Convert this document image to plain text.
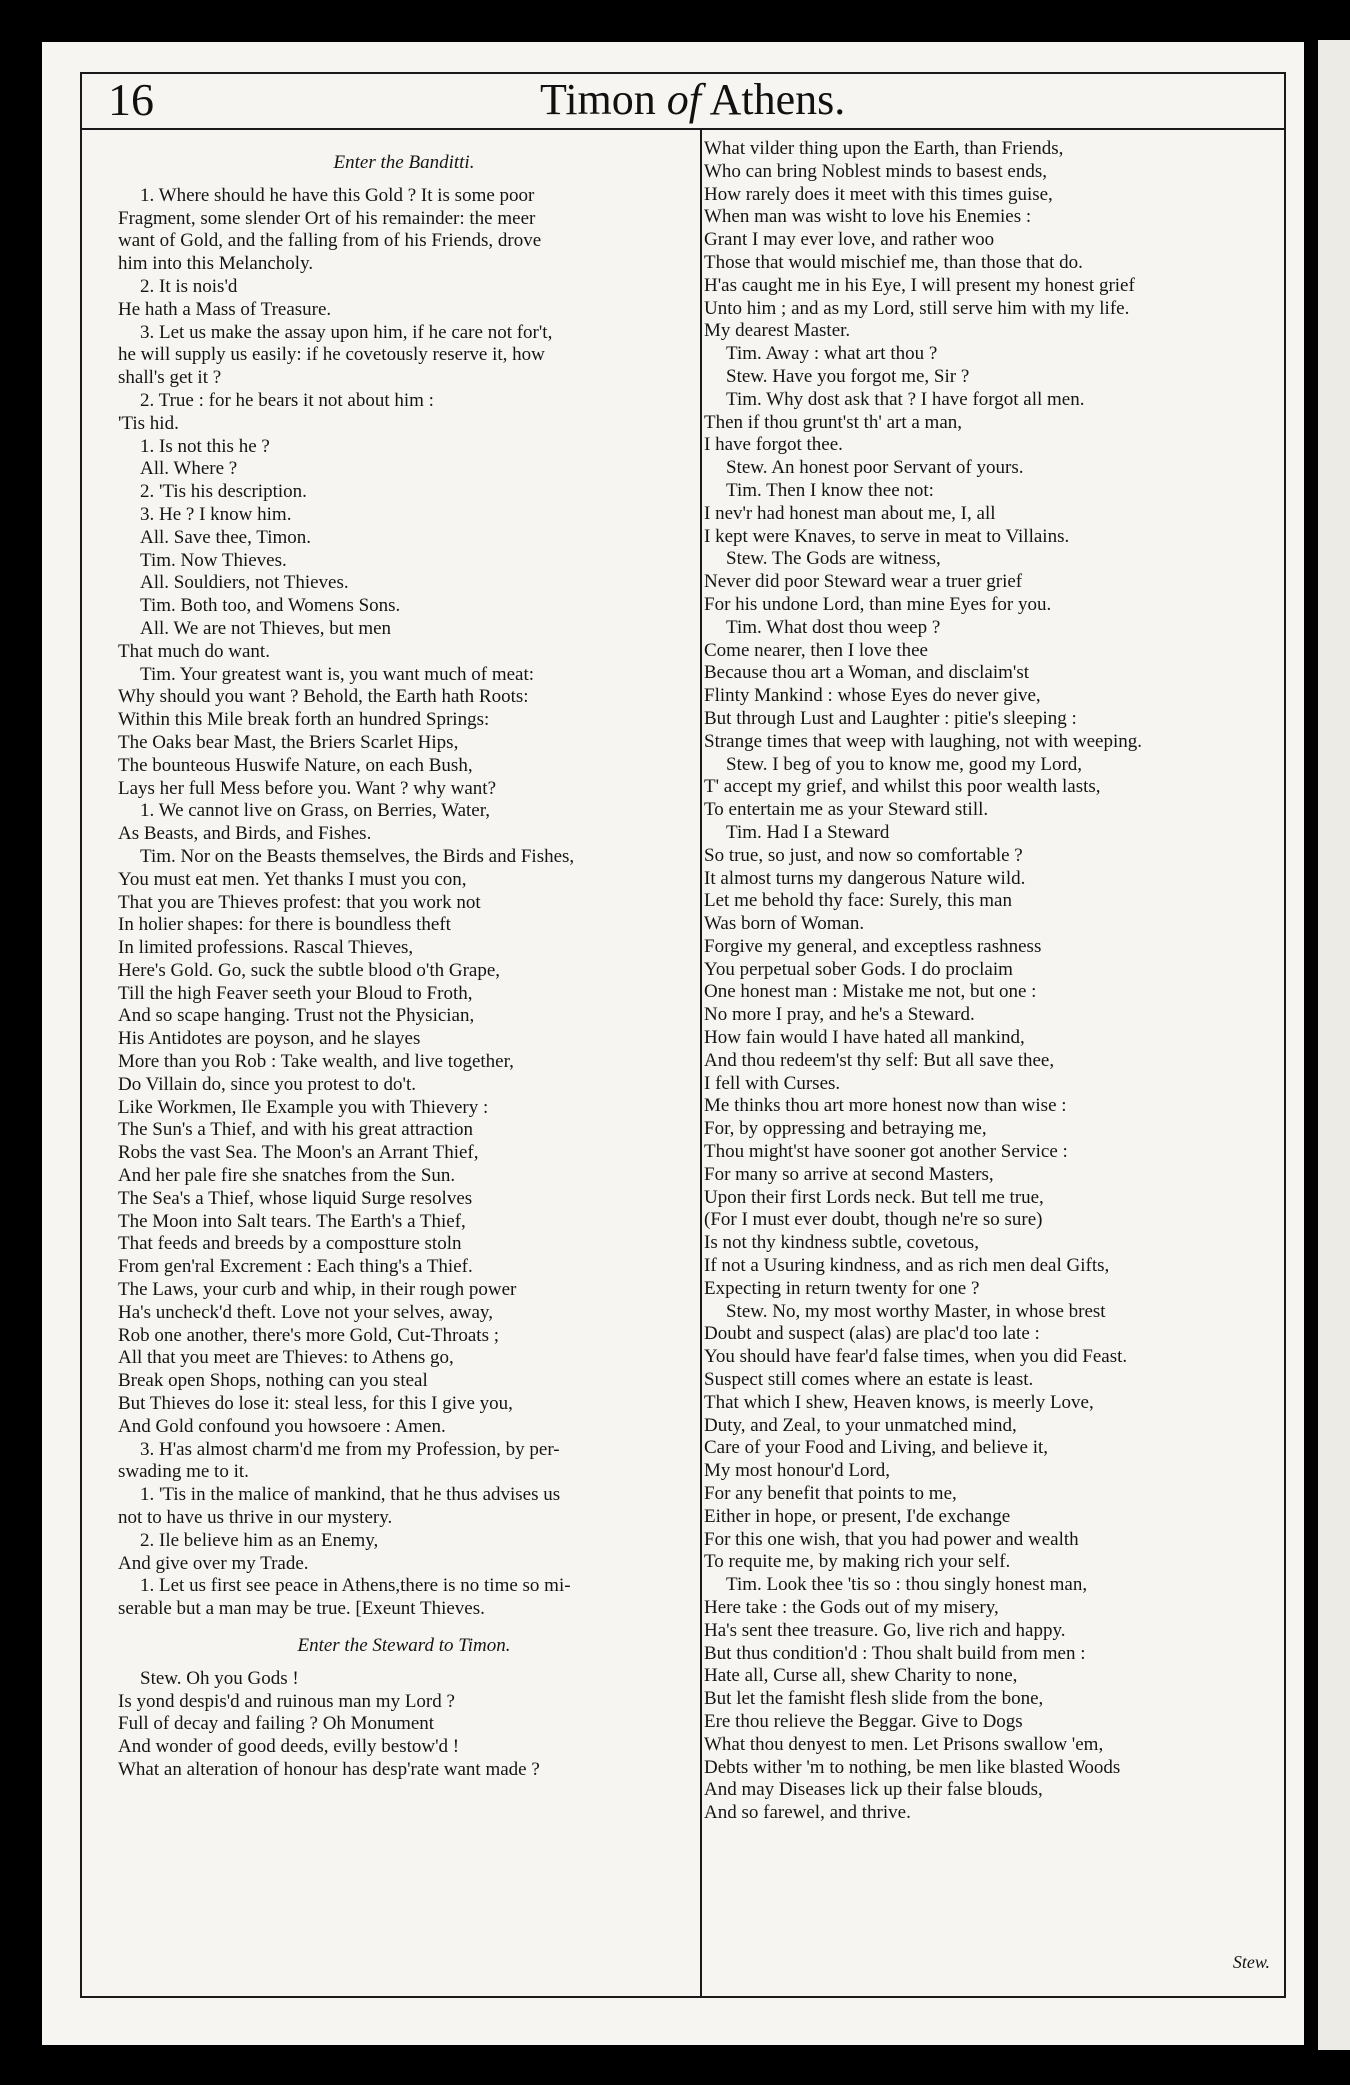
16	Timon of Athens.
Enter the Banditti.
1. Where should he have this Gold ? It is some poor
Fragment, some slender Ort of his remainder: the meer
want of Gold, and the falling from of his Friends, drove
him into this Melancholy.
2. It is nois'd
He hath a Mass of Treasure.
3. Let us make the assay upon him, if he care not for't,
he will supply us easily: if he covetously reserve it, how
shall's get it ?
2. True : for he bears it not about him :
'Tis hid.
1. Is not this he ?
All. Where ?
2. 'Tis his description.
3. He ? I know him.
All. Save thee, Timon.
Tim. Now Thieves.
All. Souldiers, not Thieves.
Tim. Both too, and Womens Sons.
All. We are not Thieves, but men
That much do want.
Tim. Your greatest want is, you want much of meat:
Why should you want ? Behold, the Earth hath Roots:
Within this Mile break forth an hundred Springs:
The Oaks bear Mast, the Briers Scarlet Hips,
The bounteous Huswife Nature, on each Bush,
Lays her full Mess before you. Want ? why want?
1. We cannot live on Grass, on Berries, Water,
As Beasts, and Birds, and Fishes.
Tim. Nor on the Beasts themselves, the Birds and Fishes,
You must eat men. Yet thanks I must you con,
That you are Thieves profest: that you work not
In holier shapes: for there is boundless theft
In limited professions. Rascal Thieves,
Here's Gold. Go, suck the subtle blood o'th Grape,
Till the high Feaver seeth your Bloud to Froth,
And so scape hanging. Trust not the Physician,
His Antidotes are poyson, and he slayes
More than you Rob : Take wealth, and live together,
Do Villain do, since you protest to do't.
Like Workmen, Ile Example you with Thievery :
The Sun's a Thief, and with his great attraction
Robs the vast Sea. The Moon's an Arrant Thief,
And her pale fire she snatches from the Sun.
The Sea's a Thief, whose liquid Surge resolves
The Moon into Salt tears. The Earth's a Thief,
That feeds and breeds by a compostture stoln
From gen'ral Excrement : Each thing's a Thief.
The Laws, your curb and whip, in their rough power
Ha's uncheck'd theft. Love not your selves, away,
Rob one another, there's more Gold, Cut-Throats ;
All that you meet are Thieves: to Athens go,
Break open Shops, nothing can you steal
But Thieves do lose it: steal less, for this I give you,
And Gold confound you howsoere : Amen.
3. H'as almost charm'd me from my Profession, by per-
swading me to it.
1. 'Tis in the malice of mankind, that he thus advises us
not to have us thrive in our mystery.
2. Ile believe him as an Enemy,
And give over my Trade.
1. Let us first see peace in Athens,there is no time so mi-
serable but a man may be true. [Exeunt Thieves.
Enter the Steward to Timon.
Stew. Oh you Gods !
Is yond despis'd and ruinous man my Lord ?
Full of decay and failing ? Oh Monument
And wonder of good deeds, evilly bestow'd !
What an alteration of honour has desp'rate want made ?
What vilder thing upon the Earth, than Friends,
Who can bring Noblest minds to basest ends,
How rarely does it meet with this times guise,
When man was wisht to love his Enemies :
Grant I may ever love, and rather woo
Those that would mischief me, than those that do.
H'as caught me in his Eye, I will present my honest grief
Unto him ; and as my Lord, still serve him with my life.
My dearest Master.
Tim. Away : what art thou ?
Stew. Have you forgot me, Sir ?
Tim. Why dost ask that ? I have forgot all men.
Then if thou grunt'st th' art a man,
I have forgot thee.
Stew. An honest poor Servant of yours.
Tim. Then I know thee not:
I nev'r had honest man about me, I, all
I kept were Knaves, to serve in meat to Villains.
Stew. The Gods are witness,
Never did poor Steward wear a truer grief
For his undone Lord, than mine Eyes for you.
Tim. What dost thou weep ?
Come nearer, then I love thee
Because thou art a Woman, and disclaim'st
Flinty Mankind : whose Eyes do never give,
But through Lust and Laughter : pitie's sleeping :
Strange times that weep with laughing, not with weeping.
Stew. I beg of you to know me, good my Lord,
T' accept my grief, and whilst this poor wealth lasts,
To entertain me as your Steward still.
Tim. Had I a Steward
So true, so just, and now so comfortable ?
It almost turns my dangerous Nature wild.
Let me behold thy face: Surely, this man
Was born of Woman.
Forgive my general, and exceptless rashness
You perpetual sober Gods. I do proclaim
One honest man : Mistake me not, but one :
No more I pray, and he's a Steward.
How fain would I have hated all mankind,
And thou redeem'st thy self: But all save thee,
I fell with Curses.
Me thinks thou art more honest now than wise :
For, by oppressing and betraying me,
Thou might'st have sooner got another Service :
For many so arrive at second Masters,
Upon their first Lords neck. But tell me true,
(For I must ever doubt, though ne're so sure)
Is not thy kindness subtle, covetous,
If not a Usuring kindness, and as rich men deal Gifts,
Expecting in return twenty for one ?
Stew. No, my most worthy Master, in whose brest
Doubt and suspect (alas) are plac'd too late :
You should have fear'd false times, when you did Feast.
Suspect still comes where an estate is least.
That which I shew, Heaven knows, is meerly Love,
Duty, and Zeal, to your unmatched mind,
Care of your Food and Living, and believe it,
My most honour'd Lord,
For any benefit that points to me,
Either in hope, or present, I'de exchange
For this one wish, that you had power and wealth
To requite me, by making rich your self.
Tim. Look thee 'tis so : thou singly honest man,
Here take : the Gods out of my misery,
Ha's sent thee treasure. Go, live rich and happy.
But thus condition'd : Thou shalt build from men :
Hate all, Curse all, shew Charity to none,
But let the famisht flesh slide from the bone,
Ere thou relieve the Beggar. Give to Dogs
What thou denyest to men. Let Prisons swallow 'em,
Debts wither 'm to nothing, be men like blasted Woods
And may Diseases lick up their false blouds,
And so farewel, and thrive.
Stew.
